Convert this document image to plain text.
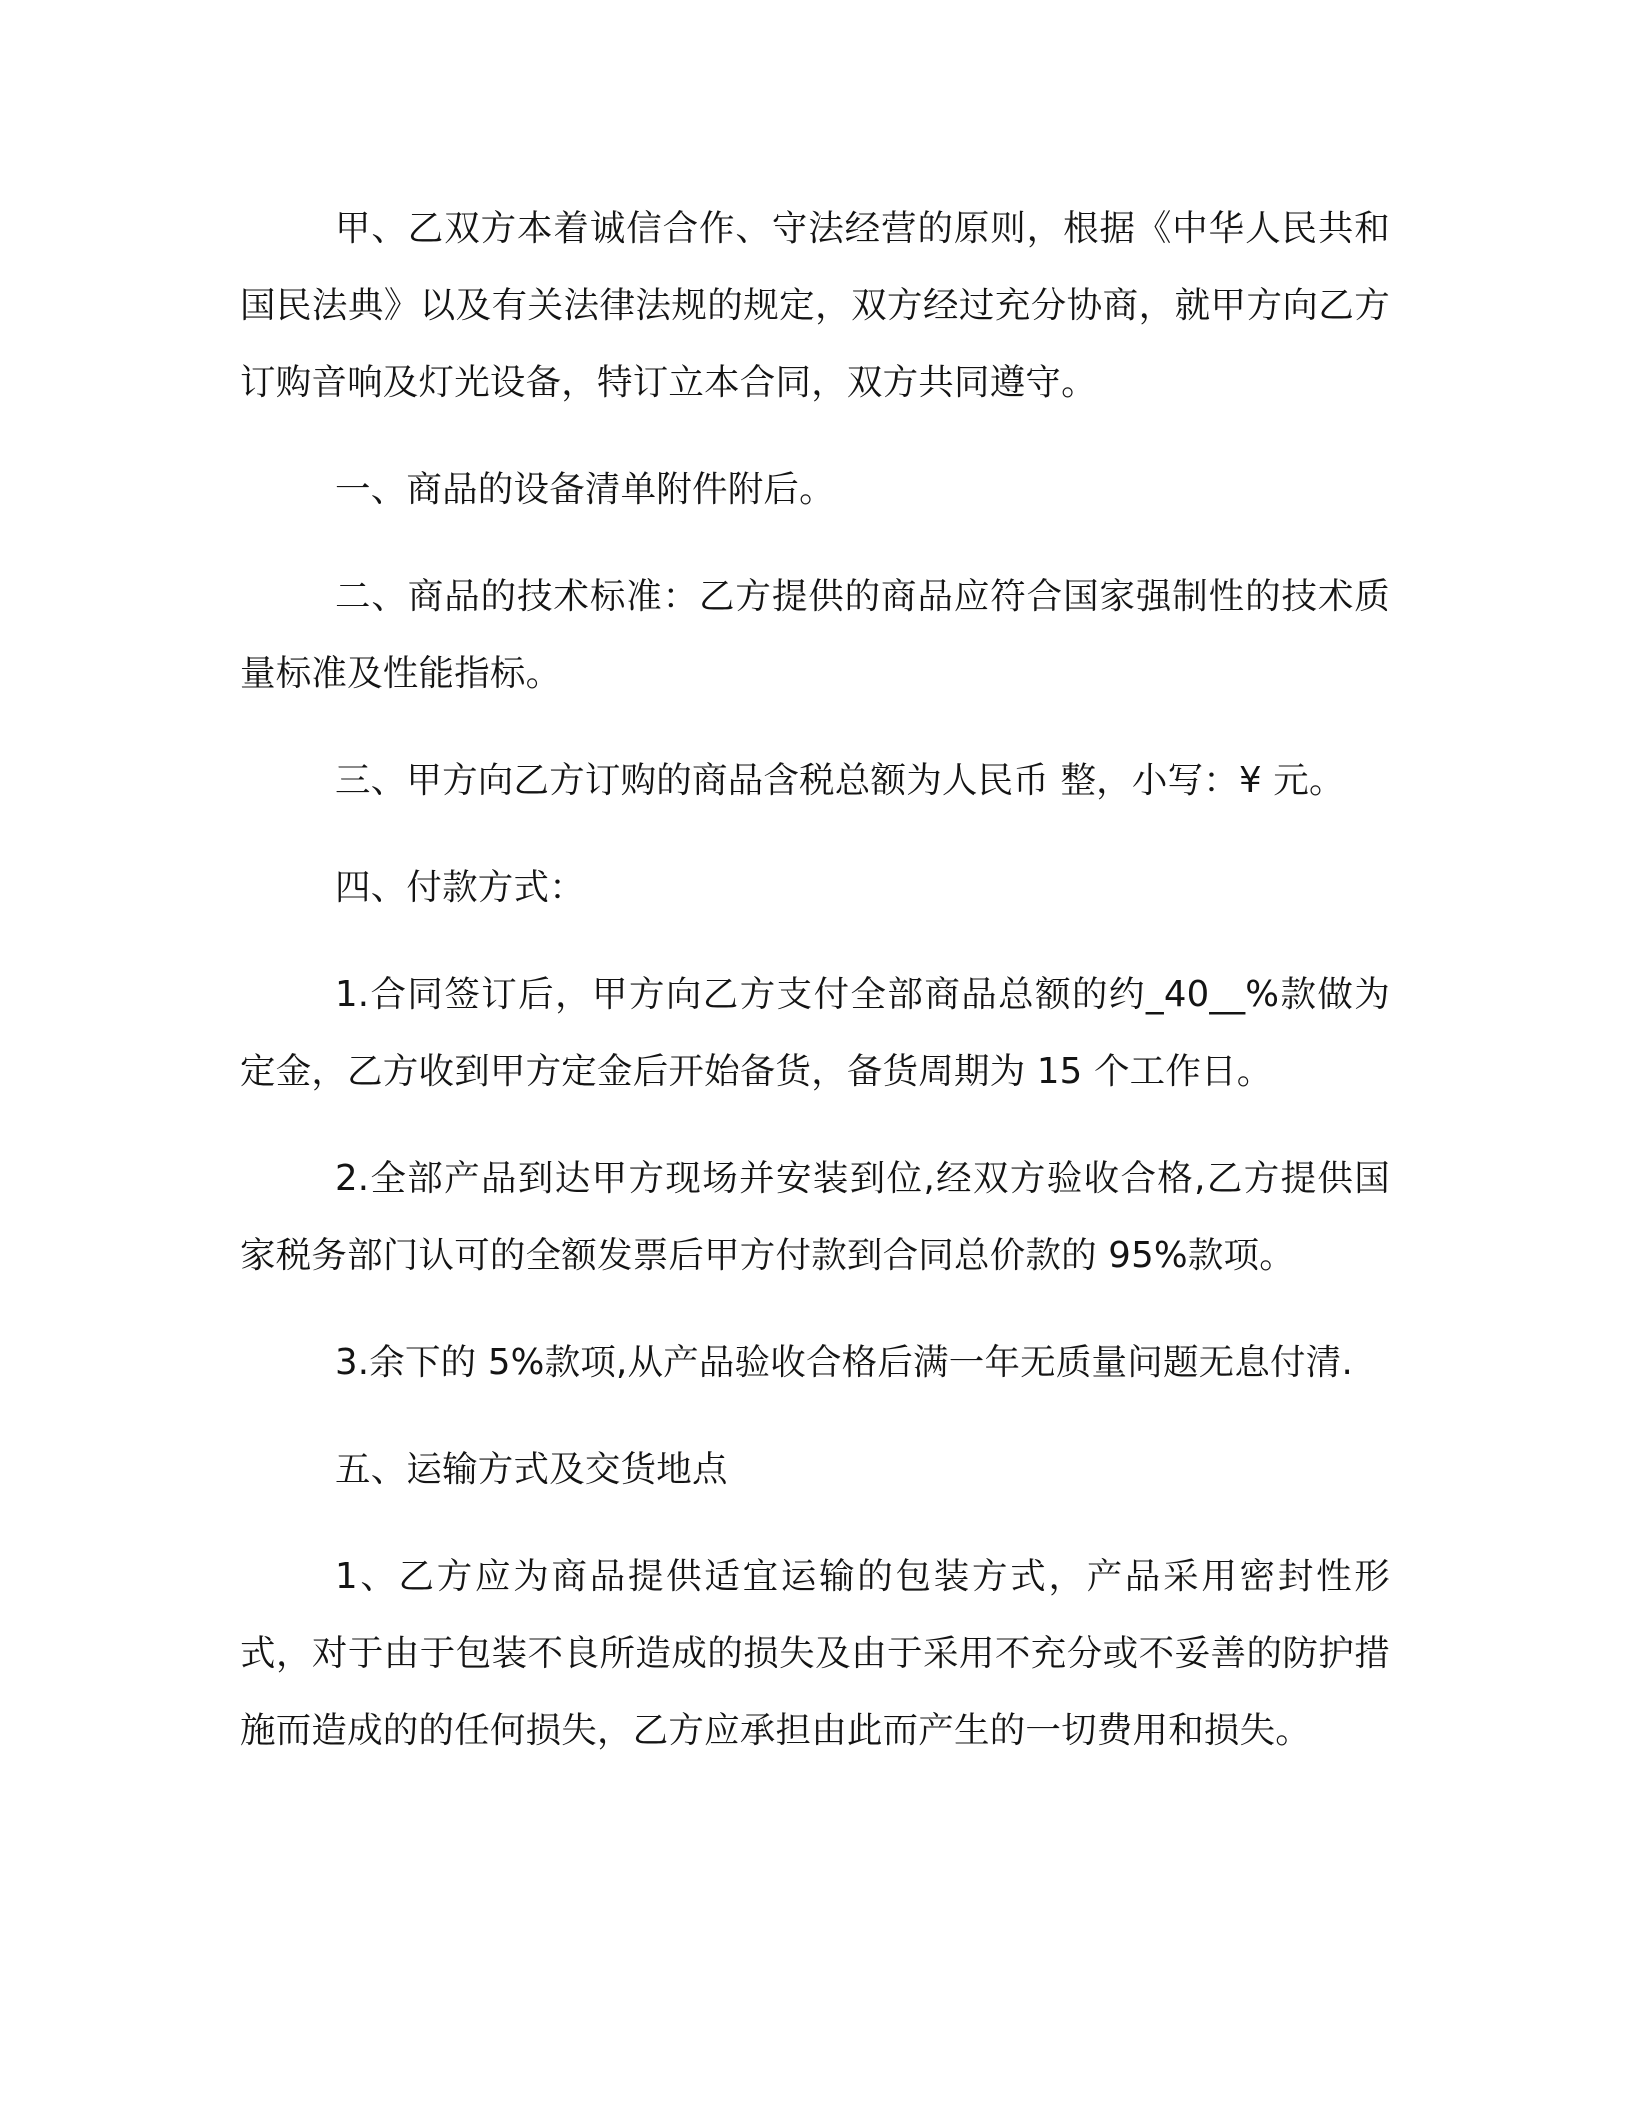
甲、乙双方本着诚信合作、守法经营的原则，根据《中华人民共和国民法典》以及有关法律法规的规定，双方经过充分协商，就甲方向乙方订购音响及灯光设备，特订立本合同，双方共同遵守。

一、商品的设备清单附件附后。

二、商品的技术标准：乙方提供的商品应符合国家强制性的技术质量标准及性能指标。

三、甲方向乙方订购的商品含税总额为人民币 整，小写：¥ 元。

四、付款方式：

1.合同签订后，甲方向乙方支付全部商品总额的约_40__%款做为定金，乙方收到甲方定金后开始备货，备货周期为 15 个工作日。

2.全部产品到达甲方现场并安装到位,经双方验收合格,乙方提供国家税务部门认可的全额发票后甲方付款到合同总价款的 95%款项。

3.余下的 5%款项,从产品验收合格后满一年无质量问题无息付清.

五、运输方式及交货地点

1、乙方应为商品提供适宜运输的包装方式，产品采用密封性形式，对于由于包装不良所造成的损失及由于采用不充分或不妥善的防护措施而造成的的任何损失，乙方应承担由此而产生的一切费用和损失。
